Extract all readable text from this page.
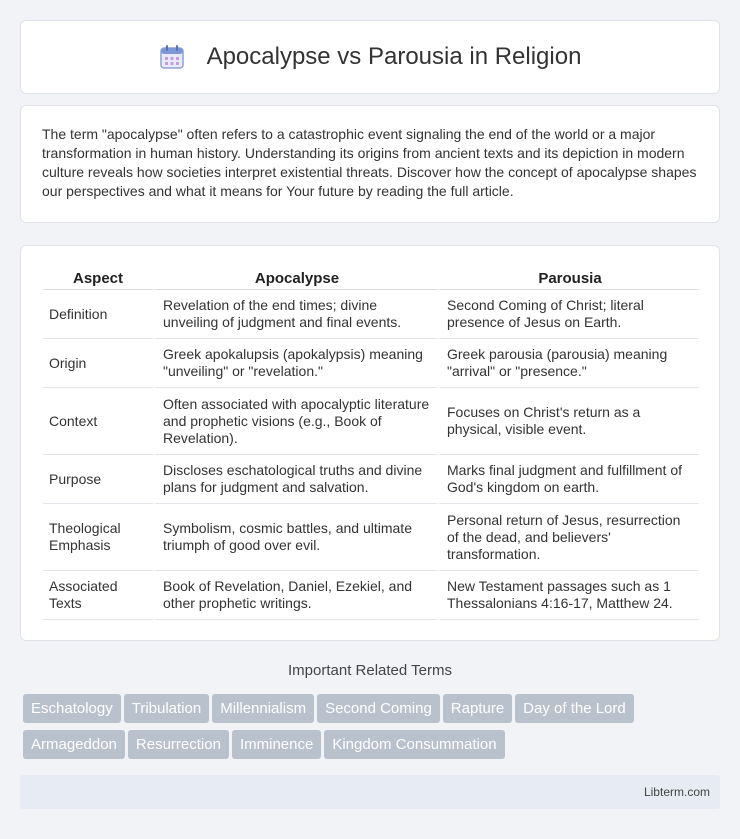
Apocalypse vs Parousia in Religion

The term "apocalypse" often refers to a catastrophic event signaling the end of the world or a major transformation in human history. Understanding its origins from ancient texts and its depiction in modern culture reveals how societies interpret existential threats. Discover how the concept of apocalypse shapes our perspectives and what it means for Your future by reading the full article.

Aspect	Apocalypse	Parousia
Definition	Revelation of the end times; divine unveiling of judgment and final events.	Second Coming of Christ; literal presence of Jesus on Earth.
Origin	Greek apokalupsis (apokalypsis) meaning "unveiling" or "revelation."	Greek parousia (parousia) meaning "arrival" or "presence."
Context	Often associated with apocalyptic literature and prophetic visions (e.g., Book of Revelation).	Focuses on Christ's return as a physical, visible event.
Purpose	Discloses eschatological truths and divine plans for judgment and salvation.	Marks final judgment and fulfillment of God's kingdom on earth.
Theological Emphasis	Symbolism, cosmic battles, and ultimate triumph of good over evil.	Personal return of Jesus, resurrection of the dead, and believers' transformation.
Associated Texts	Book of Revelation, Daniel, Ezekiel, and other prophetic writings.	New Testament passages such as 1 Thessalonians 4:16-17, Matthew 24.
Important Related Terms
Eschatology Tribulation Millennialism Second Coming Rapture Day of the Lord
Armageddon Resurrection Imminence Kingdom Consummation
Libterm.com
